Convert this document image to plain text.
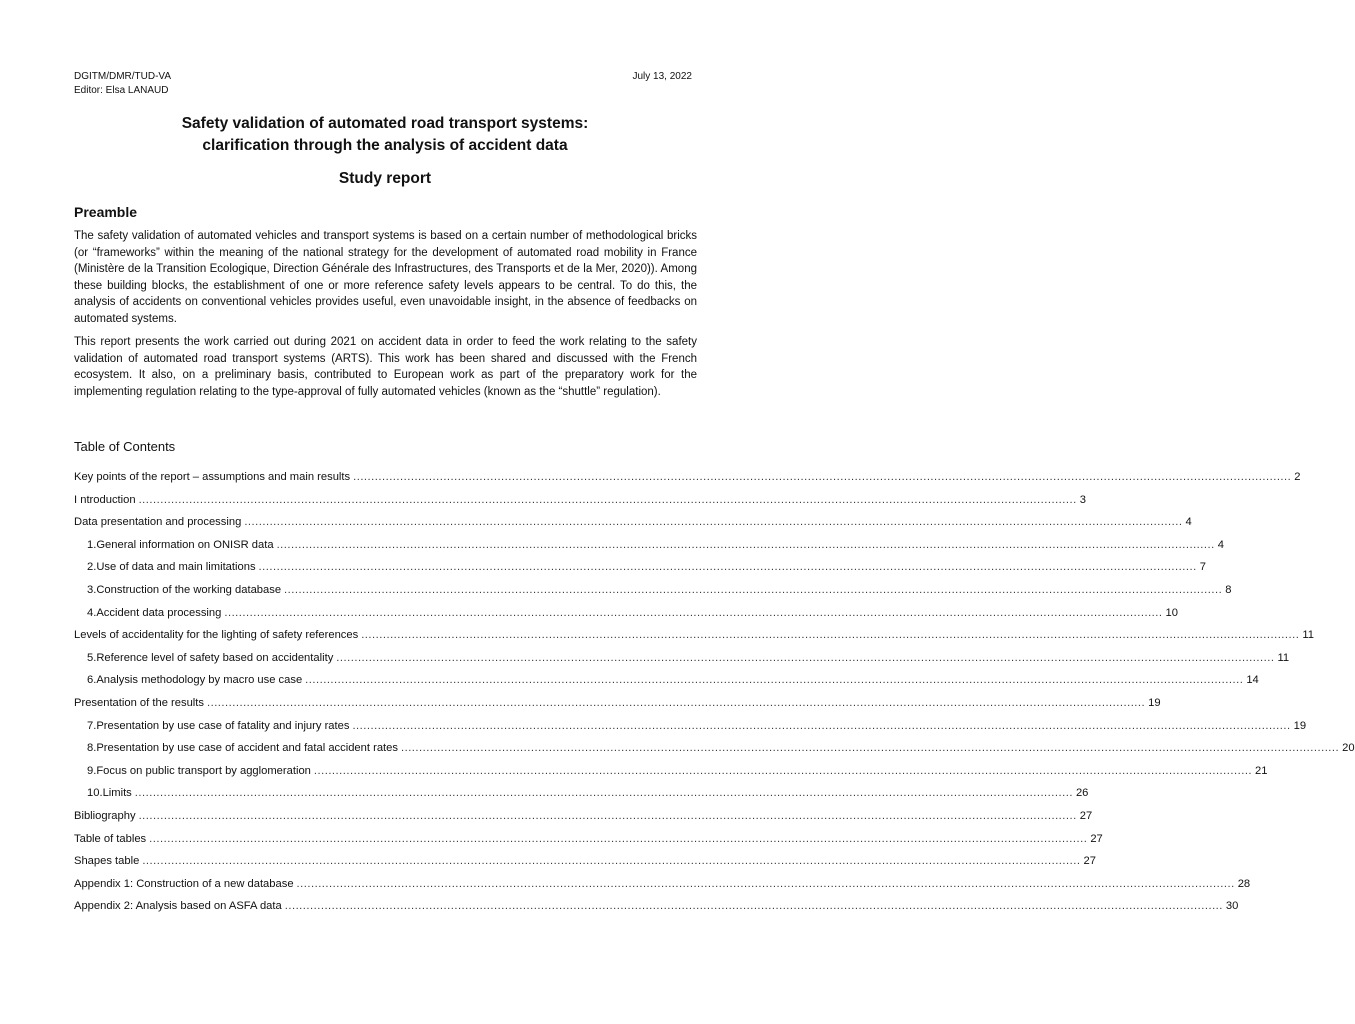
DGITM/DMR/TUD-VA
Editor: Elsa LANAUD
July 13, 2022
Safety validation of automated road transport systems:
clarification through the analysis of accident data
Study report
Preamble

The safety validation of automated vehicles and transport systems is based on a certain number of methodological bricks (or “frameworks” within the meaning of the national strategy for the development of automated road mobility in France (Ministère de la Transition Ecologique, Direction Générale des Infrastructures, des Transports et de la Mer, 2020)). Among these building blocks, the establishment of one or more reference safety levels appears to be central. To do this, the analysis of accidents on conventional vehicles provides useful, even unavoidable insight, in the absence of feedbacks on automated systems.

This report presents the work carried out during 2021 on accident data in order to feed the work relating to the safety validation of automated road transport systems (ARTS). This work has been shared and discussed with the French ecosystem. It also, on a preliminary basis, contributed to European work as part of the preparatory work for the implementing regulation relating to the type-approval of fully automated vehicles (known as the “shuttle” regulation).

Table of Contents
Key points of the report – assumptions and main results .................................................................................................................................................................................................................................................................... 2
I ntroduction .................................................................................................................................................................................................................................................................... 3
Data presentation and processing .................................................................................................................................................................................................................................................................... 4
1. General information on ONISR data .................................................................................................................................................................................................................................................................... 4
2. Use of data and main limitations .................................................................................................................................................................................................................................................................... 7
3. Construction of the working database .................................................................................................................................................................................................................................................................... 8
4. Accident data processing .................................................................................................................................................................................................................................................................... 10
Levels of accidentality for the lighting of safety references .................................................................................................................................................................................................................................................................... 11
5. Reference level of safety based on accidentality .................................................................................................................................................................................................................................................................... 11
6. Analysis methodology by macro use case .................................................................................................................................................................................................................................................................... 14
Presentation of the results .................................................................................................................................................................................................................................................................... 19
7. Presentation by use case of fatality and injury rates .................................................................................................................................................................................................................................................................... 19
8. Presentation by use case of accident and fatal accident rates .................................................................................................................................................................................................................................................................... 20
9. Focus on public transport by agglomeration .................................................................................................................................................................................................................................................................... 21
10. Limits .................................................................................................................................................................................................................................................................... 26
Bibliography .................................................................................................................................................................................................................................................................... 27
Table of tables .................................................................................................................................................................................................................................................................... 27
Shapes table .................................................................................................................................................................................................................................................................... 27
Appendix 1: Construction of a new database .................................................................................................................................................................................................................................................................... 28
Appendix 2: Analysis based on ASFA data .................................................................................................................................................................................................................................................................... 30
